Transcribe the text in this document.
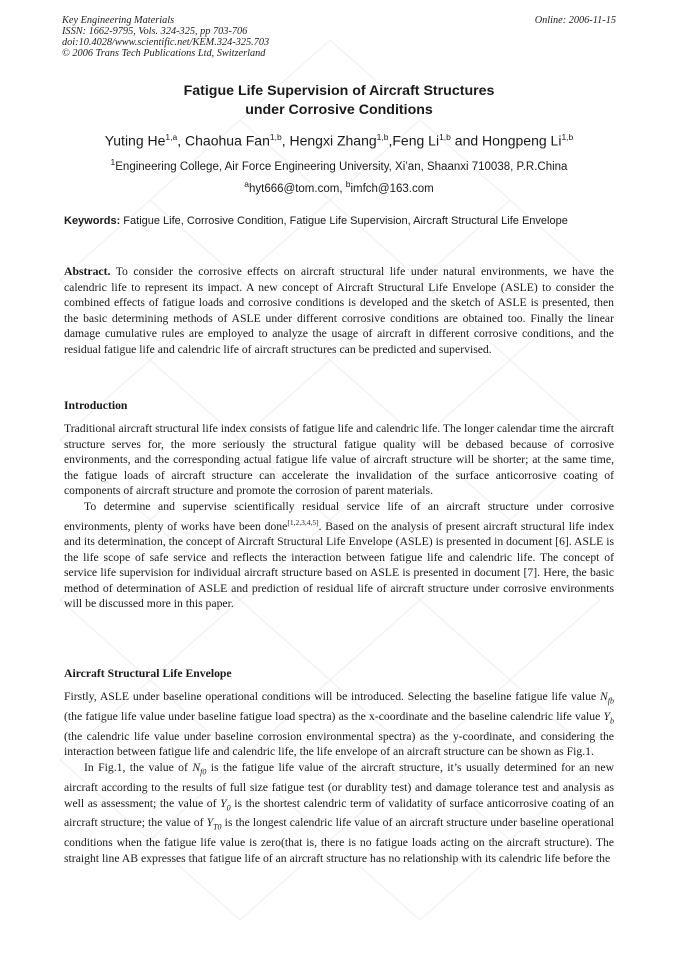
Key Engineering Materials
ISSN: 1662-9795, Vols. 324-325, pp 703-706
doi:10.4028/www.scientific.net/KEM.324-325.703
© 2006 Trans Tech Publications Ltd, Switzerland
Online: 2006-11-15
Fatigue Life Supervision of Aircraft Structures
under Corrosive Conditions
Yuting He$^{1,a}$, Chaohua Fan$^{1,b}$, Hengxi Zhang$^{1,b}$,Feng Li$^{1,b}$ and Hongpeng Li$^{1,b}$
$^1$Engineering College, Air Force Engineering University, Xi’an, Shaanxi 710038, P.R.China
$^a$hyt666@tom.com, $^b$imfch@163.com
Keywords: Fatigue Life, Corrosive Condition, Fatigue Life Supervision, Aircraft Structural Life Envelope

Abstract. To consider the corrosive effects on aircraft structural life under natural environments, we have the calendric life to represent its impact. A new concept of Aircraft Structural Life Envelope (ASLE) to consider the combined effects of fatigue loads and corrosive conditions is developed and the sketch of ASLE is presented, then the basic determining methods of ASLE under different corrosive conditions are obtained too. Finally the linear damage cumulative rules are employed to analyze the usage of aircraft in different corrosive conditions, and the residual fatigue life and calendric life of aircraft structures can be predicted and supervised.

Introduction

Traditional aircraft structural life index consists of fatigue life and calendric life. The longer calendar time the aircraft structure serves for, the more seriously the structural fatigue quality will be debased because of corrosive environments, and the corresponding actual fatigue life value of aircraft structure will be shorter; at the same time, the fatigue loads of aircraft structure can accelerate the invalidation of the surface anticorrosive coating of components of aircraft structure and promote the corrosion of parent materials.

To determine and supervise scientifically residual service life of an aircraft structure under corrosive environments, plenty of works have been done[1,2,3,4,5]. Based on the analysis of present aircraft structural life index and its determination, the concept of Aircraft Structural Life Envelope (ASLE) is presented in document [6]. ASLE is the life scope of safe service and reflects the interaction between fatigue life and calendric life. The concept of service life supervision for individual aircraft structure based on ASLE is presented in document [7]. Here, the basic method of determination of ASLE and prediction of residual life of aircraft structure under corrosive environments will be discussed more in this paper.

Aircraft Structural Life Envelope

Firstly, ASLE under baseline operational conditions will be introduced. Selecting the baseline fatigue life value $N_{fb}$ (the fatigue life value under baseline fatigue load spectra) as the x-coordinate and the baseline calendric life value $Y_b$ (the calendric life value under baseline corrosion environmental spectra) as the y-coordinate, and considering the interaction between fatigue life and calendric life, the life envelope of an aircraft structure can be shown as Fig.1.

In Fig.1, the value of $N_{f0}$ is the fatigue life value of the aircraft structure, it’s usually determined for an new aircraft according to the results of full size fatigue test (or durablity test) and damage tolerance test and analysis as well as assessment; the value of $Y_0$ is the shortest calendric term of validatity of surface anticorrosive coating of an aircraft structure; the value of $Y_{T0}$ is the longest calendric life value of an aircraft structure under baseline operational conditions when the fatigue life value is zero(that is, there is no fatigue loads acting on the aircraft structure). The straight line AB expresses that fatigue life of an aircraft structure has no relationship with its calendric life before the
